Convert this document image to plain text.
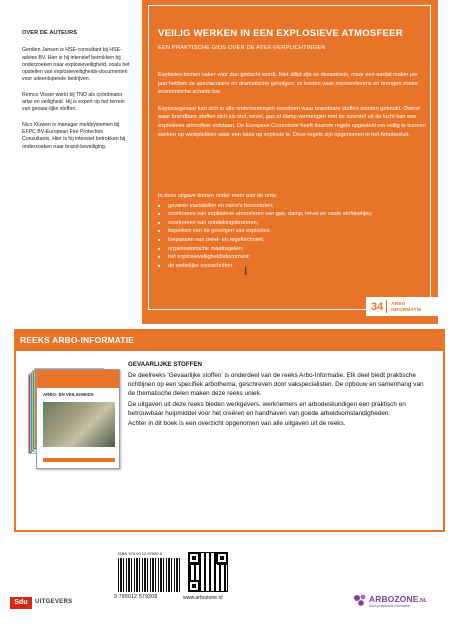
OVER DE AUTEURS

Gerdien Jansen is HSE-consultant bij HSE-advies BV. Hier is hij intensief betrokken bij onderzoeken naar explosieveiligheid, zoals het opstellen van explosieveiligheids-documenten voor uiteenlopende bedrijven.

Remco Visser werkt bij TNO als coördinator arbo en veiligheid. Hij is expert op het terrein van gevaar-lijke stoffen.

Nico Kluwen is manager meldsystemen bij EFPC BV-European Fire Protection Consultants. Hier is hij intensief betrokken bij onderzoeken naar brand-beveiliging.

VEILIG WERKEN IN EEN EXPLOSIEVE ATMOSFEER
EEN PRAKTISCHE GIDS OVER DE ATEX-VERPLICHTINGEN

Explosies komen vaker voor dan gedacht wordt. Niet altijd zijn ze desastreus, maar een aantal malen per jaar hebben ze spectaculaire en dramatische gevolgen: ze kosten vaak mensenlevens en brengen zware economische schade toe.

Explosiegevaar kan zich in alle ondernemingen voordoen waar brandbare stoffen worden gebruikt. Overal waar brandbare stoffen zich als stof, nevel, gas of damp vermengen met de zuurstof uit de lucht kan een explosieve atmosfeer ontstaan. De Europese Commissie heeft daarom regels opgesteld om veilig te kunnen werken op werkplekken waar een kans op explosie is. Deze regels zijn opgenomen in het Arbobesluit.

In deze uitgave komen onder meer aan de orde:
■ gevaren vaststellen en risico's beoordelen;
■ voorkomen van explosieve atmosferen van gas, damp, nevel en vaste stofdeeltjes;
■ voorkomen van ontstekingsbronnen;
■ beperken van de gevolgen van explosies;
■ toepassen van meet- en regeltechniek;
■ organisatorische maatregelen;
■ het explosieveiligheidsdocument;
■ de wettelijke voorschriften. I
34 ARBO
INFORMATIE
REEKS ARBO-INFORMATIE
ARBO- EN VEILIGHEIDS
GEVAARLIJKE STOFFEN

De deelreeks 'Gevaarlijke stoffen' is onderdeel van de reeks Arbo-Informatie. Elk deel biedt praktische richtlijnen op een specifiek arbothema, geschreven door vakspecialisten. De opbouw en samenhang van de thematische delen maken deze reeks uniek.

De uitgaven uit deze reeks bieden werkgevers, werknemers en arbodeskundigen een praktisch en betrouwbaar hulpmiddel voor het creëren en handhaven van goede arbeidsomstandigheden.

Achter in dit boek is een overzicht opgenomen van alle uitgaven uit de reeks.

ISBN 978 90 12 57930 8
9 789012 579308	www.arbozone.nl
Sdu	UITGEVERS	ARBOZONE.NL
Alles praktische informatie
